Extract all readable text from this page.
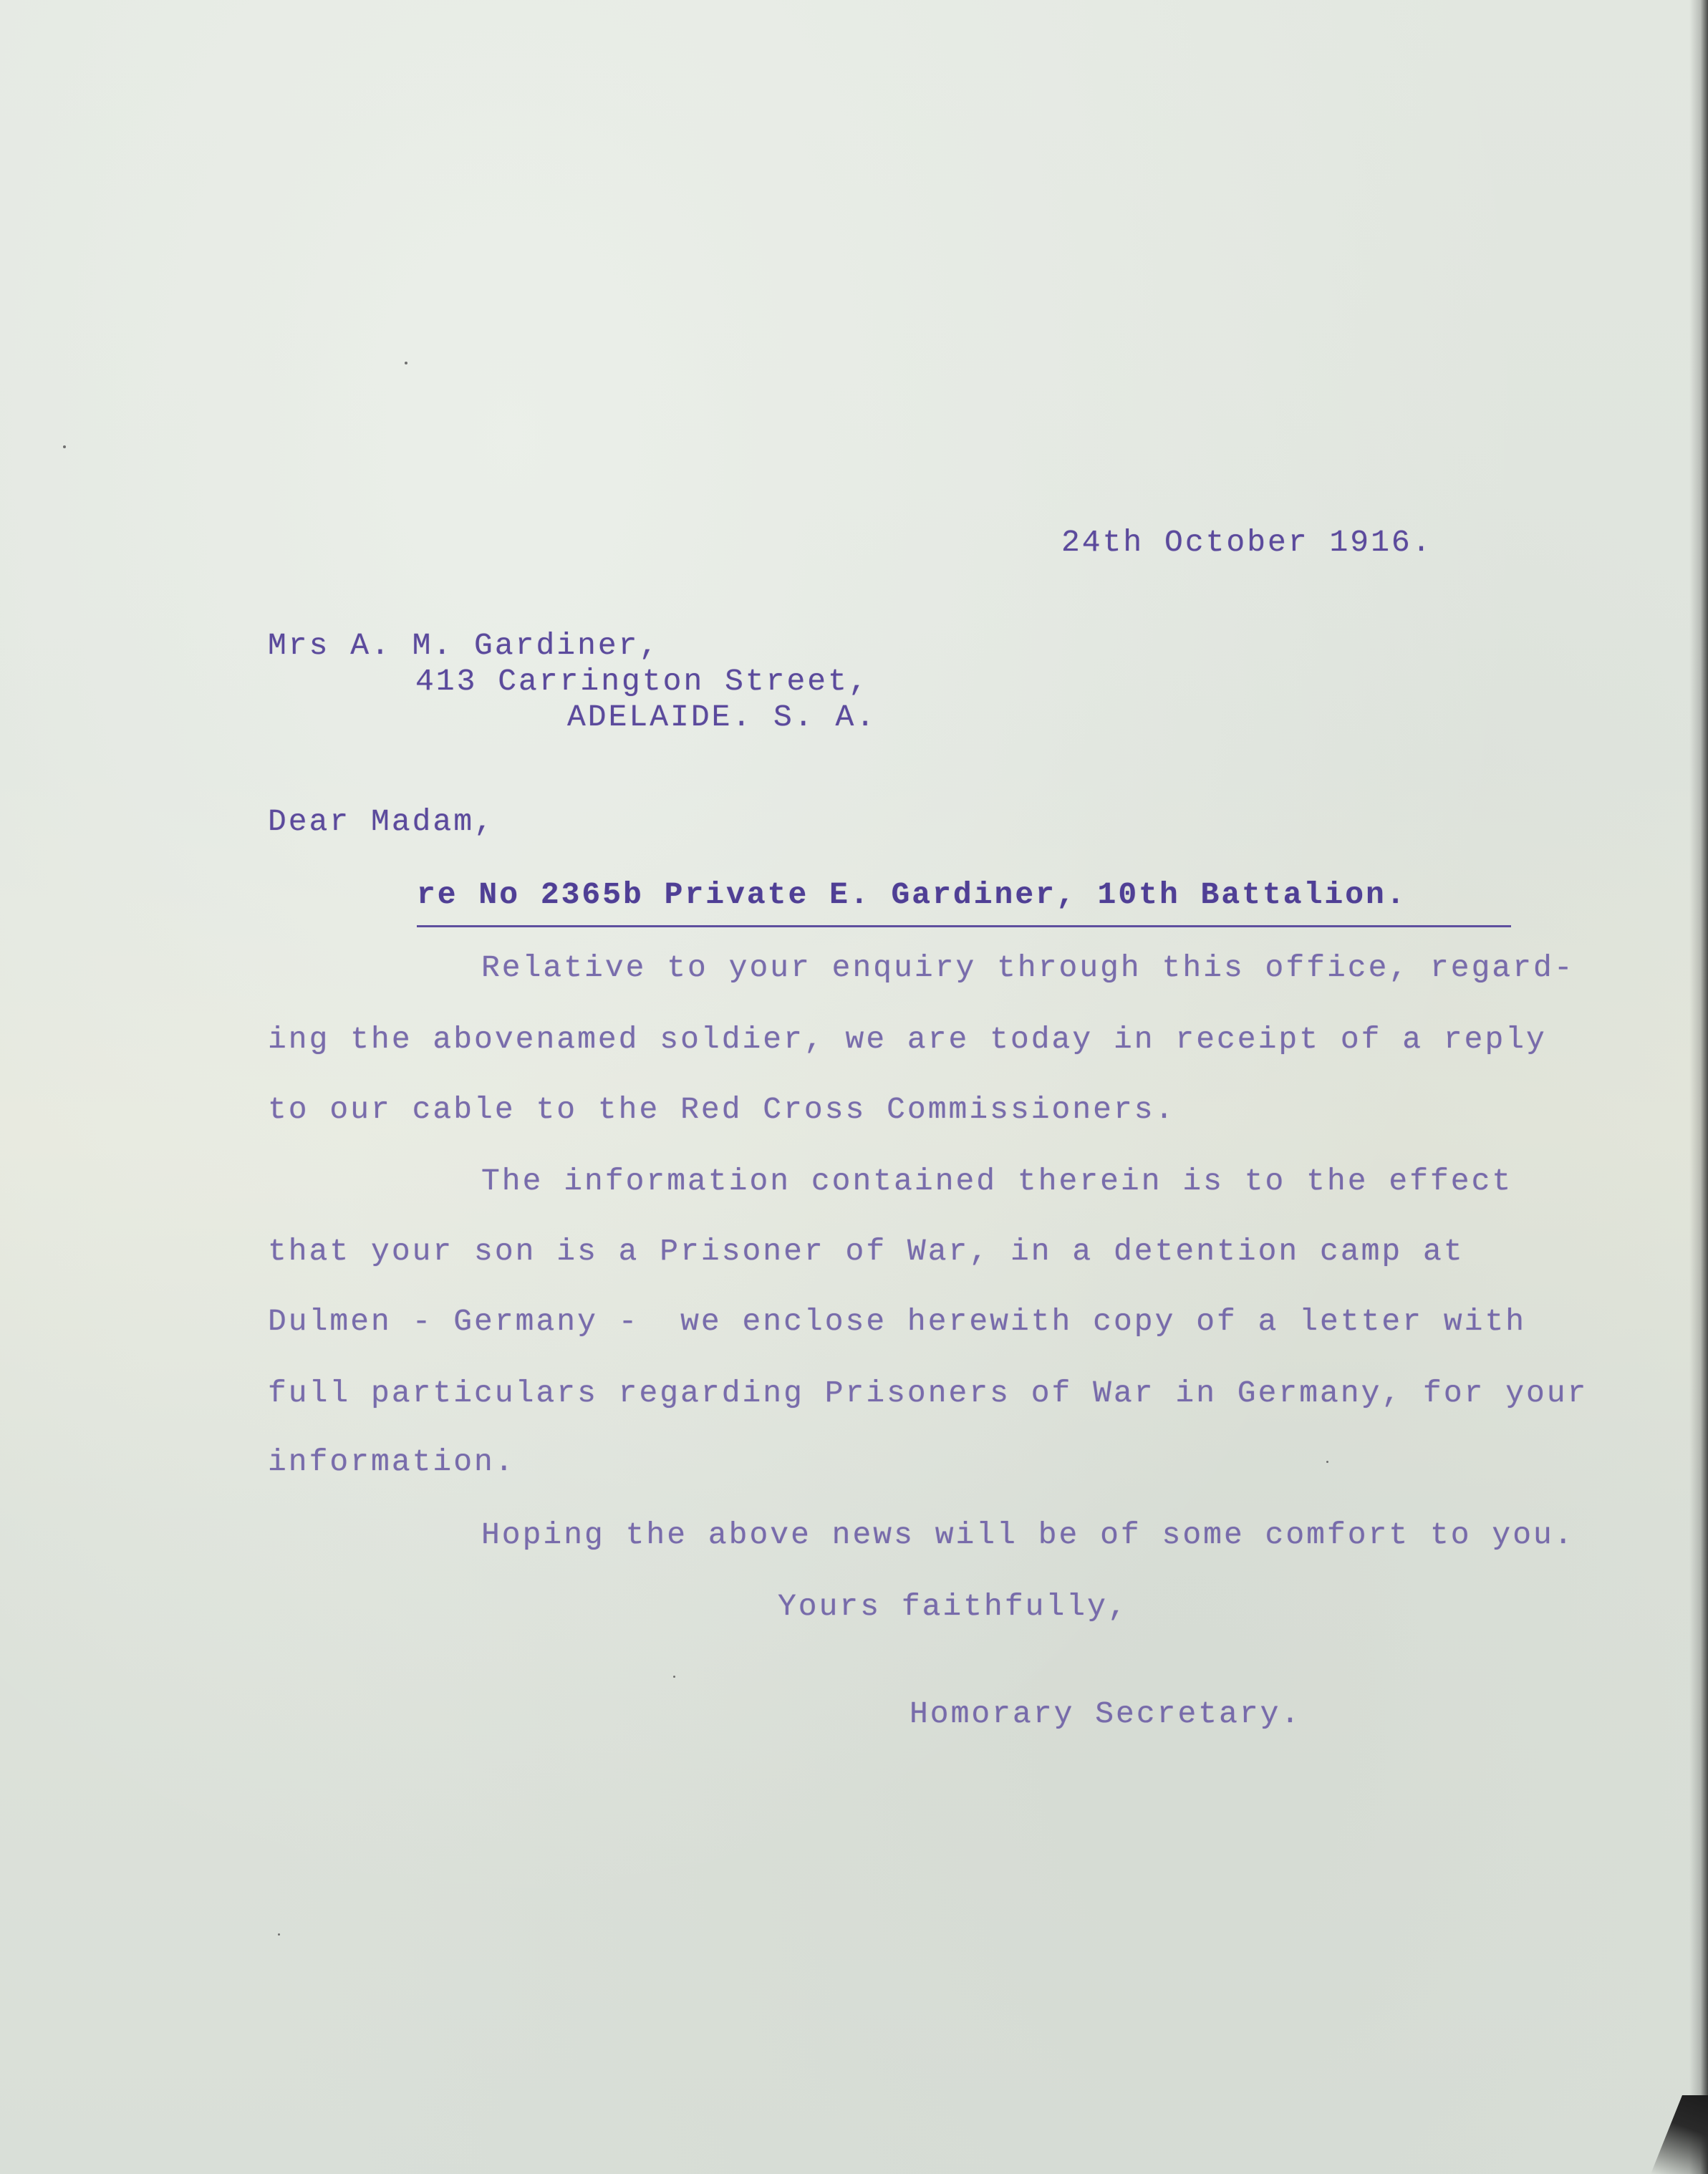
24th October 1916.

Mrs A. M. Gardiner,

413 Carrington Street,

ADELAIDE. S. A.

Dear Madam,

re No 2365b Private E. Gardiner, 10th Battalion.

Relative to your enquiry through this office, regard-

ing the abovenamed soldier, we are today in receipt of a reply

to our cable to the Red Cross Commissioners.

The information contained therein is to the effect

that your son is a Prisoner of War, in a detention camp at

Dulmen - Germany -  we enclose herewith copy of a letter with

full particulars regarding Prisoners of War in Germany, for your

information.

Hoping the above news will be of some comfort to you.

Yours faithfully,

Homorary Secretary.
